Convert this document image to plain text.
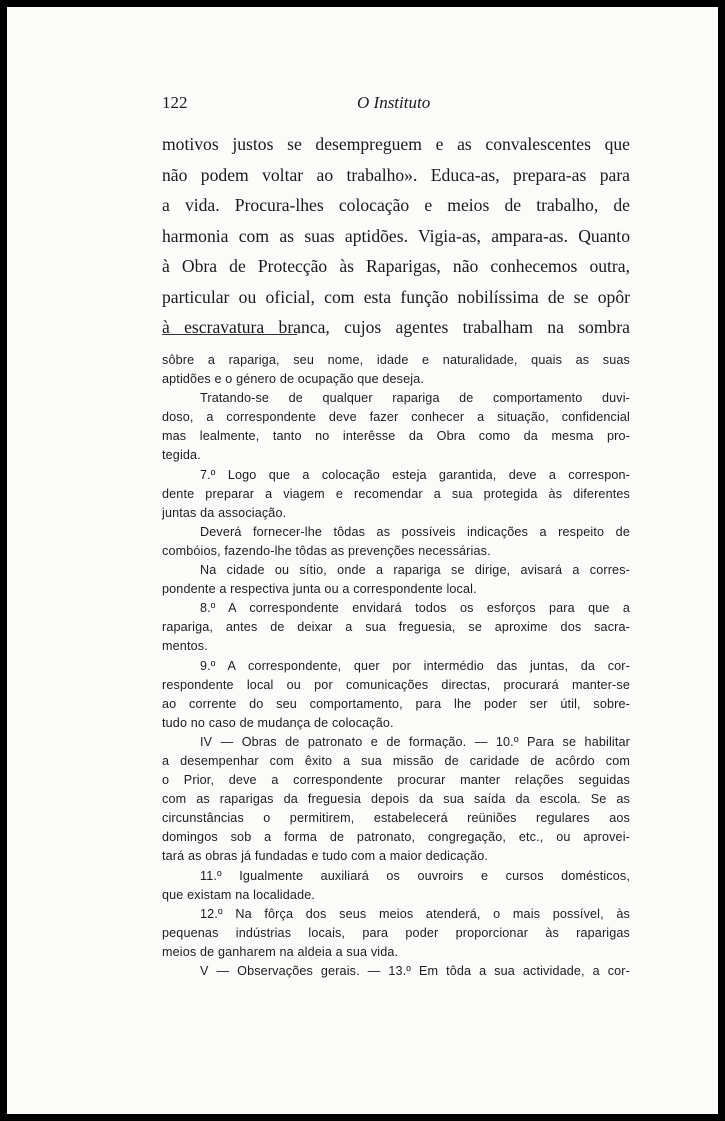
122	O Instituto
motivos justos se desempreguem e as convalescentes que
não podem voltar ao trabalho». Educa-as, prepara-as para
a vida. Procura-lhes colocação e meios de trabalho, de
harmonia com as suas aptidões. Vigia-as, ampara-as. Quanto
à Obra de Protecção às Raparigas, não conhecemos outra,
particular ou oficial, com esta função nobilíssima de se opôr
à escravatura branca, cujos agentes trabalham na sombra
sôbre a rapariga, seu nome, idade e naturalidade, quais as suas
aptidões e o género de ocupação que deseja.
Tratando-se de qualquer rapariga de comportamento duvi-
doso, a correspondente deve fazer conhecer a situação, confidencial
mas lealmente, tanto no interêsse da Obra como da mesma pro-
tegida.
7.º Logo que a colocação esteja garantida, deve a correspon-
dente preparar a viagem e recomendar a sua protegida às diferentes
juntas da associação.
Deverá fornecer-lhe tôdas as possíveis indicações a respeito de
combóios, fazendo-lhe tôdas as prevenções necessárias.
Na cidade ou sítio, onde a rapariga se dirige, avisará a corres-
pondente a respectiva junta ou a correspondente local.
8.º A correspondente envidará todos os esforços para que a
rapariga, antes de deixar a sua freguesia, se aproxime dos sacra-
mentos.
9.º A correspondente, quer por intermédio das juntas, da cor-
respondente local ou por comunicações directas, procurará manter-se
ao corrente do seu comportamento, para lhe poder ser útil, sobre-
tudo no caso de mudança de colocação.
IV — Obras de patronato e de formação. — 10.º Para se habilitar
a desempenhar com êxito a sua missão de caridade de acôrdo com
o Prior, deve a correspondente procurar manter relações seguidas
com as raparigas da freguesia depois da sua saída da escola. Se as
circunstâncias o permitirem, estabelecerá reüniões regulares aos
domingos sob a forma de patronato, congregação, etc., ou aprovei-
tará as obras já fundadas e tudo com a maior dedicação.
11.º Igualmente auxiliará os ouvroirs e cursos domésticos,
que existam na localidade.
12.º Na fôrça dos seus meios atenderá, o mais possível, às
pequenas indústrias locais, para poder proporcionar às raparigas
meios de ganharem na aldeia a sua vida.
V — Observações gerais. — 13.º Em tôda a sua actividade, a cor-
